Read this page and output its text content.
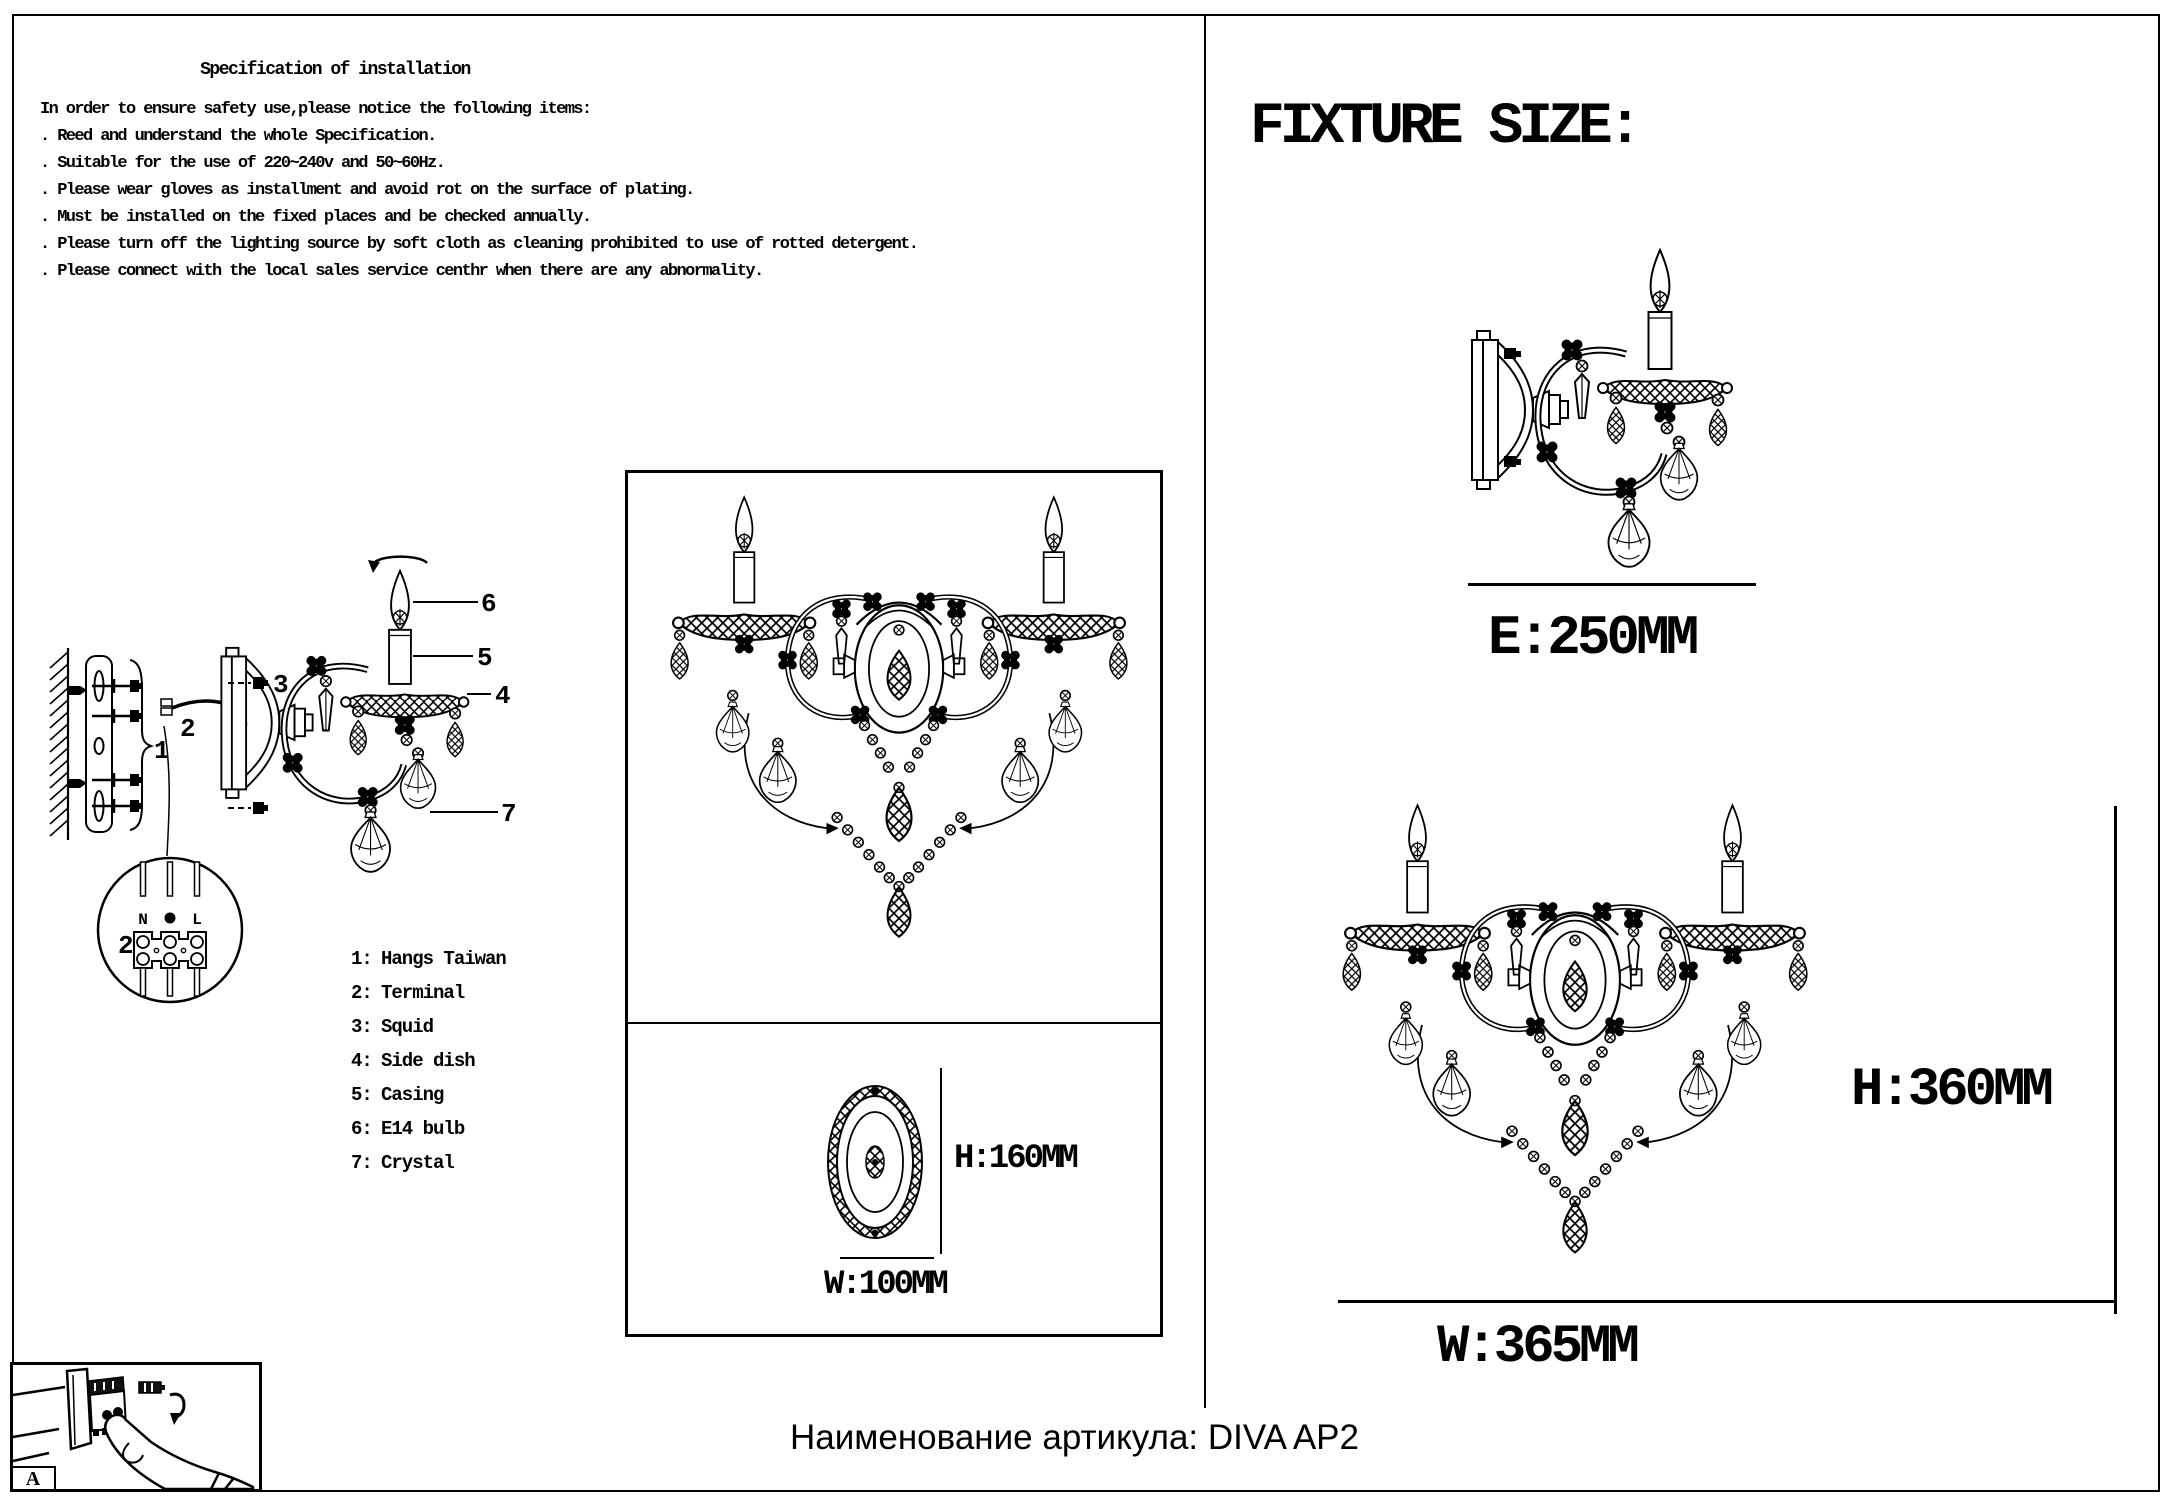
Specification of installation
In order to ensure safety use,please notice the following items:
. Reed and understand the whole Specification.
. Suitable for the use of 220~240v and 50~60Hz.
. Please wear gloves as installment and avoid rot on the surface of plating.
. Must be installed on the fixed places and be checked annually.
. Please turn off the lighting source by soft cloth as cleaning prohibited to use of rotted detergent.
. Please connect with the local sales service centhr when there are any abnormality.
1
2
3
6
5
4
7
N	L
2	1: Hangs Taiwan
2: Terminal
3: Squid
4: Side dish
5: Casing
6: E14 bulb
7: Crystal	H:160MM
W:100MM
FIXTURE SIZE:
E:250MM
H:360MM
W:365MM
Наименование артикула: DIVA AP2
A
